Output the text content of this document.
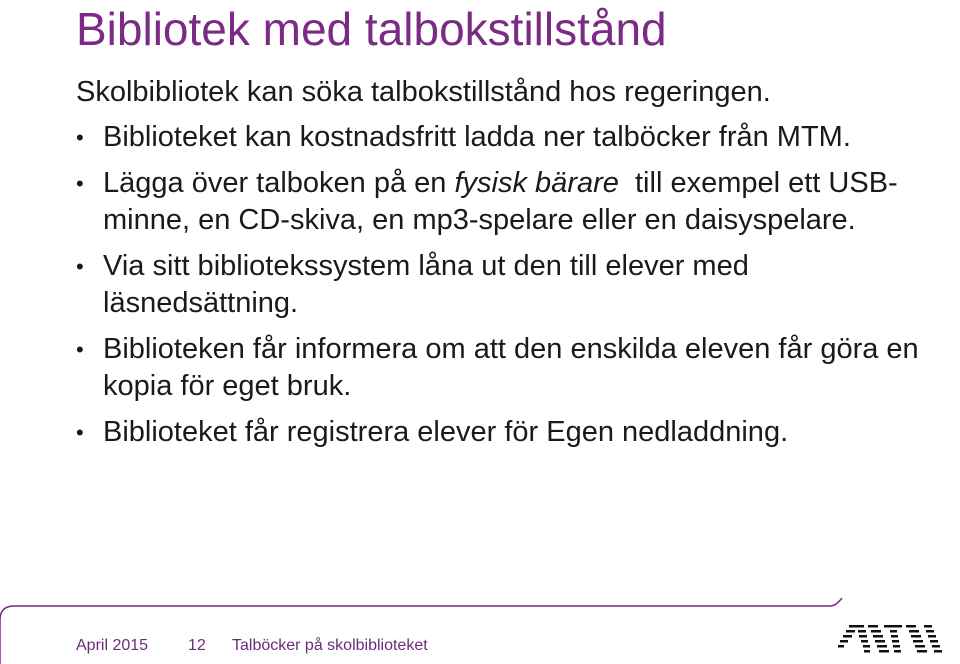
Bibliotek med talbokstillstånd

Skolbibliotek kan söka talbokstillstånd hos regeringen.

• Biblioteket kan kostnadsfritt ladda ner talböcker från MTM.
• Lägga över talboken på en fysisk bärare  till exempel ett USB-minne, en CD-skiva, en mp3-spelare eller en daisyspelare.
• Via sitt bibliotekssystem låna ut den till elever med läsnedsättning.
• Biblioteken får informera om att den enskilda eleven får göra en kopia för eget bruk.
• Biblioteket får registrera elever för Egen nedladdning.
April 2015 12 Talböcker på skolbiblioteket
